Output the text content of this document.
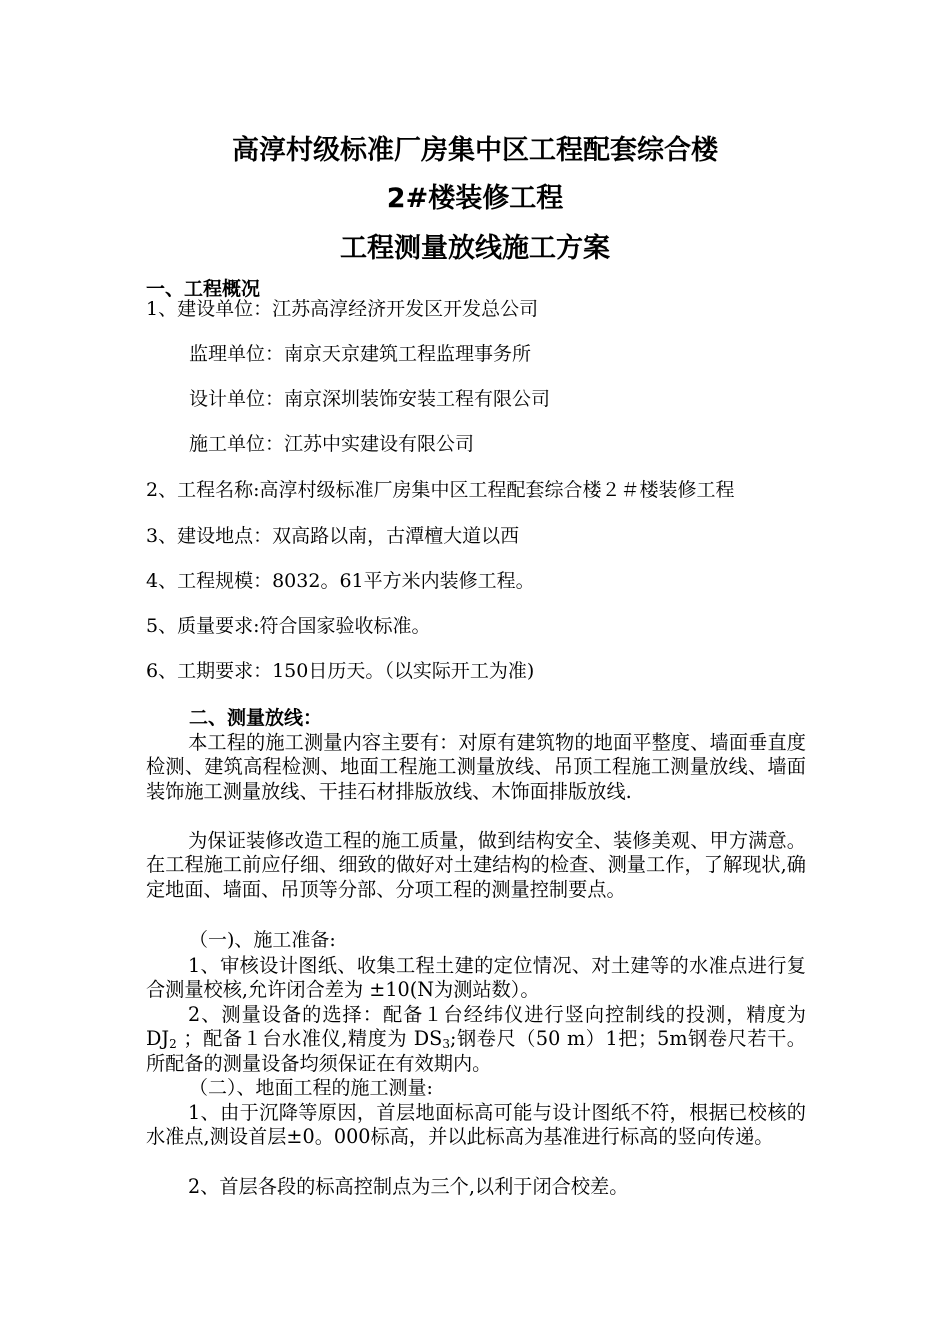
高淳村级标准厂房集中区工程配套综合楼
2#楼装修工程
工程测量放线施工方案
一、工程概况
1、建设单位：江苏高淳经济开发区开发总公司
监理单位：南京天京建筑工程监理事务所
设计单位：南京深圳装饰安装工程有限公司
施工单位：江苏中实建设有限公司
2、工程名称:高淳村级标准厂房集中区工程配套综合楼２＃楼装修工程
3、建设地点：双高路以南，古潭檀大道以西
4、工程规模：8032。61平方米内装修工程。
5、质量要求:符合国家验收标准。
6、工期要求：150日历天。（以实际开工为准)
二、测量放线：
本工程的施工测量内容主要有：对原有建筑物的地面平整度、墙面垂直度检测、建筑高程检测、地面工程施工测量放线、吊顶工程施工测量放线、墙面装饰施工测量放线、干挂石材排版放线、木饰面排版放线.
为保证装修改造工程的施工质量，做到结构安全、装修美观、甲方满意。在工程施工前应仔细、细致的做好对土建结构的检查、测量工作，了解现状,确定地面、墙面、吊顶等分部、分项工程的测量控制要点。
（一)、施工准备:
1、审核设计图纸、收集工程土建的定位情况、对土建等的水准点进行复合测量校核,允许闭合差为 ±10(N为测站数）。
2、测量设备的选择：配备１台经纬仪进行竖向控制线的投测，精度为$DJ_2$ ；配备１台水准仪,精度为 $DS_3$;钢卷尺（50 m）1把；5m钢卷尺若干。所配备的测量设备均须保证在有效期内。
（二）、地面工程的施工测量:
1、由于沉降等原因，首层地面标高可能与设计图纸不符，根据已校核的水准点,测设首层±0。000标高，并以此标高为基准进行标高的竖向传递。
2、首层各段的标高控制点为三个,以利于闭合校差。
